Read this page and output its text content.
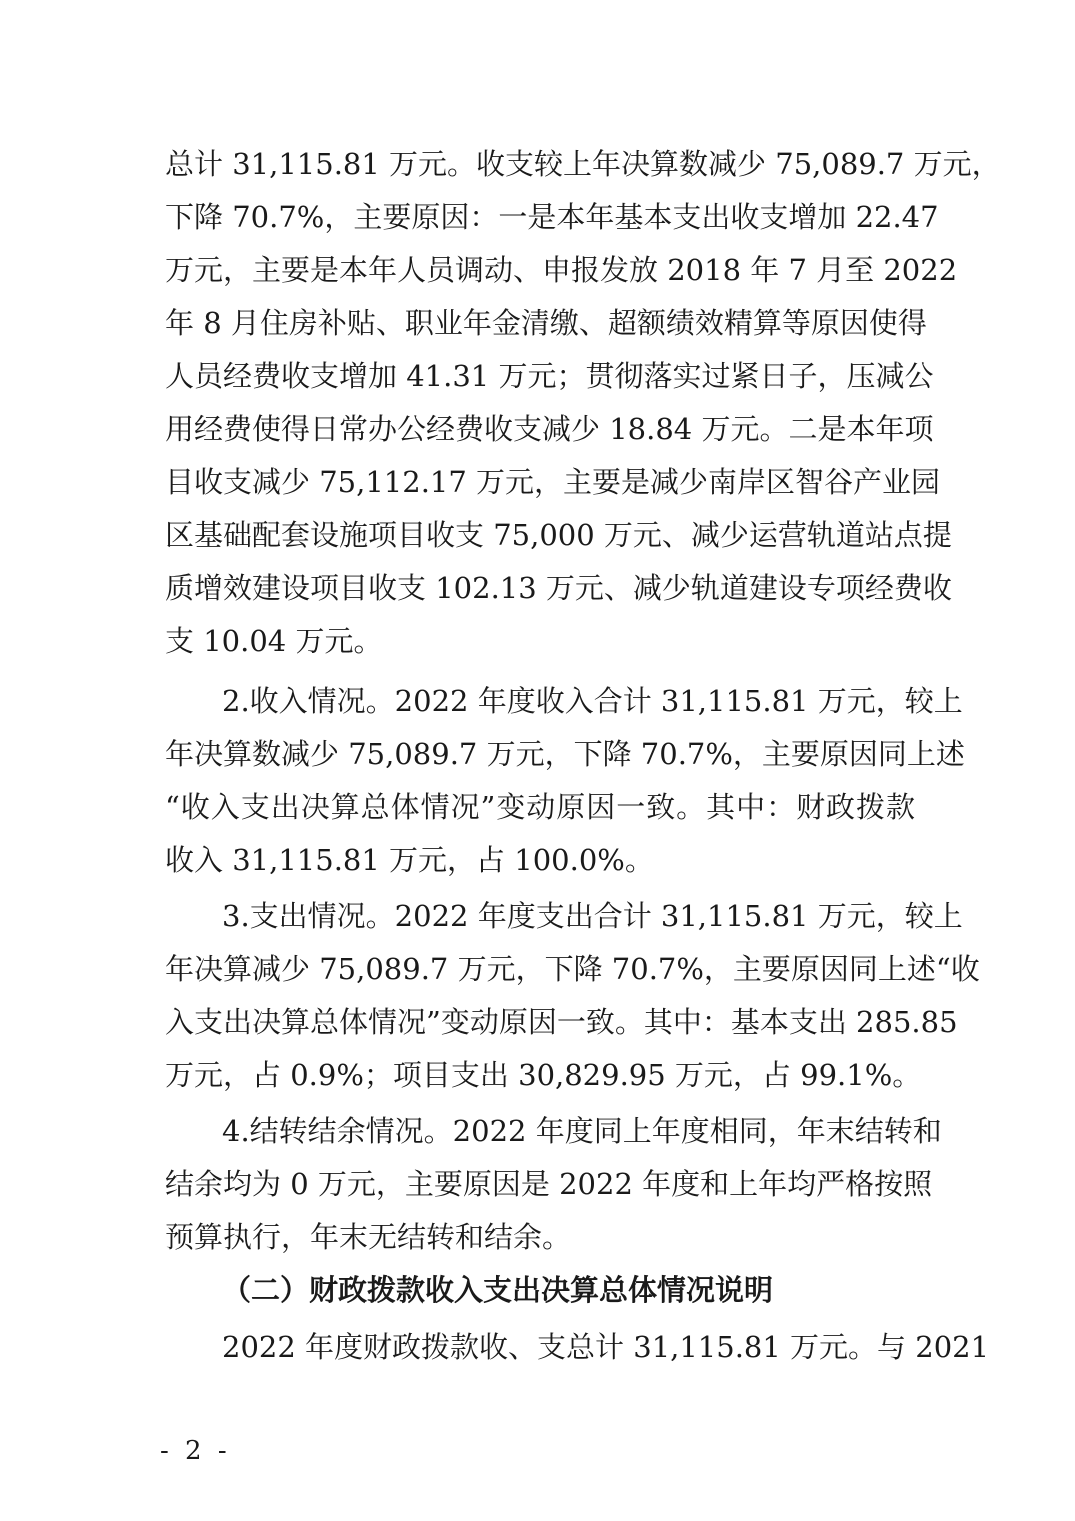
总计 31,115.81 万元。收支较上年决算数减少 75,089.7 万元，
下降 70.7%，主要原因：一是本年基本支出收支增加 22.47
万元，主要是本年人员调动、申报发放 2018 年 7 月至 2022
年 8 月住房补贴、职业年金清缴、超额绩效精算等原因使得
人员经费收支增加 41.31 万元；贯彻落实过紧日子，压减公
用经费使得日常办公经费收支减少 18.84 万元。二是本年项
目收支减少 75,112.17 万元，主要是减少南岸区智谷产业园
区基础配套设施项目收支 75,000 万元、减少运营轨道站点提
质增效建设项目收支 102.13 万元、减少轨道建设专项经费收
支 10.04 万元。
2.收入情况。2022 年度收入合计 31,115.81 万元，较上
年决算数减少 75,089.7 万元，下降 70.7%，主要原因同上述
“收入支出决算总体情况”变动原因一致。其中：财政拨款
收入 31,115.81 万元，占 100.0%。
3.支出情况。2022 年度支出合计 31,115.81 万元，较上
年决算减少 75,089.7 万元，下降 70.7%，主要原因同上述“收
入支出决算总体情况”变动原因一致。其中：基本支出 285.85
万元，占 0.9%；项目支出 30,829.95 万元，占 99.1%。
4.结转结余情况。2022 年度同上年度相同，年末结转和
结余均为 0 万元，主要原因是 2022 年度和上年均严格按照
预算执行，年末无结转和结余。
（二）财政拨款收入支出决算总体情况说明
2022 年度财政拨款收、支总计 31,115.81 万元。与 2021
- 2 -
